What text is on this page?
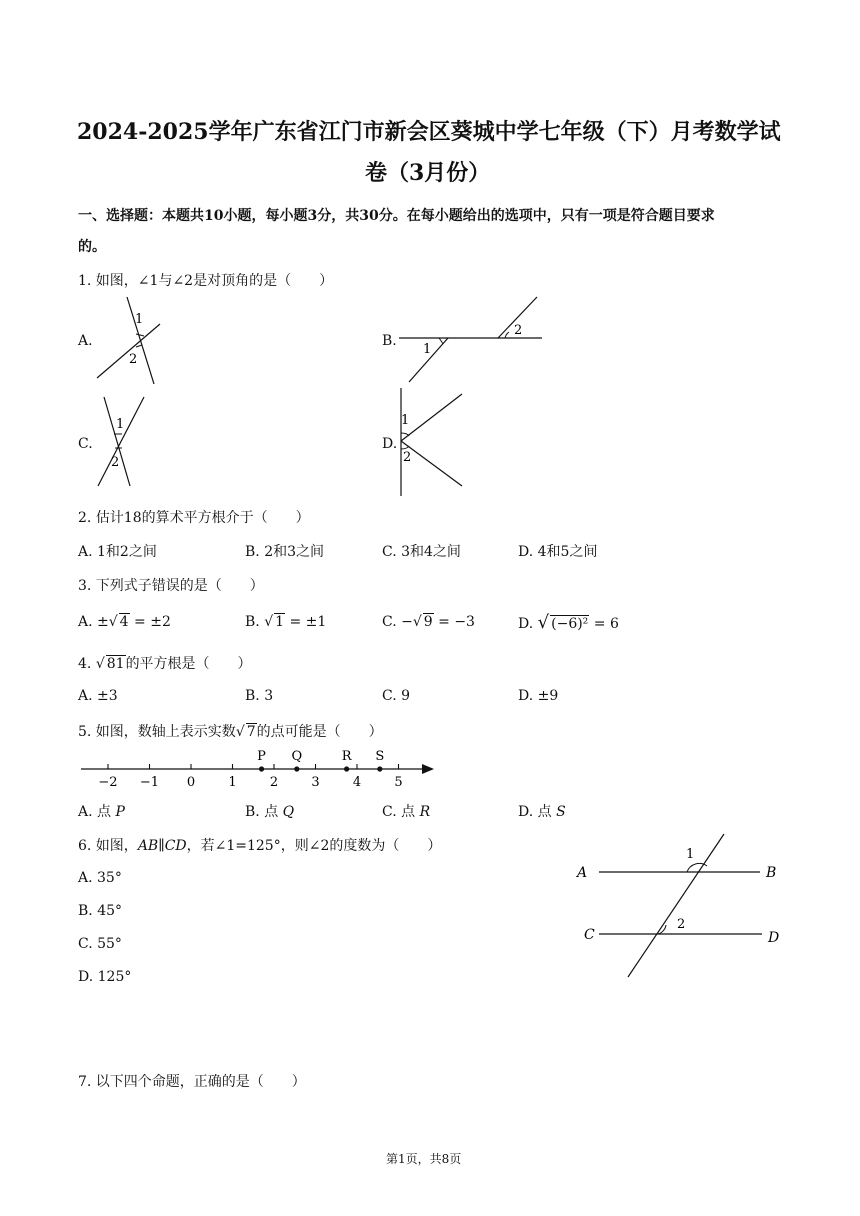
2024-2025学年广东省江门市新会区葵城中学七年级（下）月考数学试
卷（3月份）
一、选择题：本题共10小题，每小题3分，共30分。在每小题给出的选项中，只有一项是符合题目要求
的。
1. 如图，∠1与∠2是对顶角的是（　　）
A.	B.
C.	D.
1
2
1
2
1
2
1
2
2. 估计18的算术平方根介于（　　）
A. 1和2之间	B. 2和3之间	C. 3和4之间	D. 4和5之间
3. 下列式子错误的是（　　）
A. ±√ 4 = ±2	B. √ 1 = ±1	C. −√ 9 = −3	D. √ (−6)² = 6
4. √ 81的平方根是（　　）
A. ±3	B. 3	C. 9	D. ±9
5. 如图，数轴上表示实数√ 7的点可能是（　　）
−2 −1 0	1	2	3	4	5
P Q	R S
A. 点 P	B. 点 Q	C. 点 R	D. 点 S
6. 如图，AB∥CD，若∠1=125°，则∠2的度数为（　　）
A. 35°
B. 45°
C. 55°
D. 125°
A	B
C	D
1
2
7. 以下四个命题，正确的是（　　）
第1页，共8页
